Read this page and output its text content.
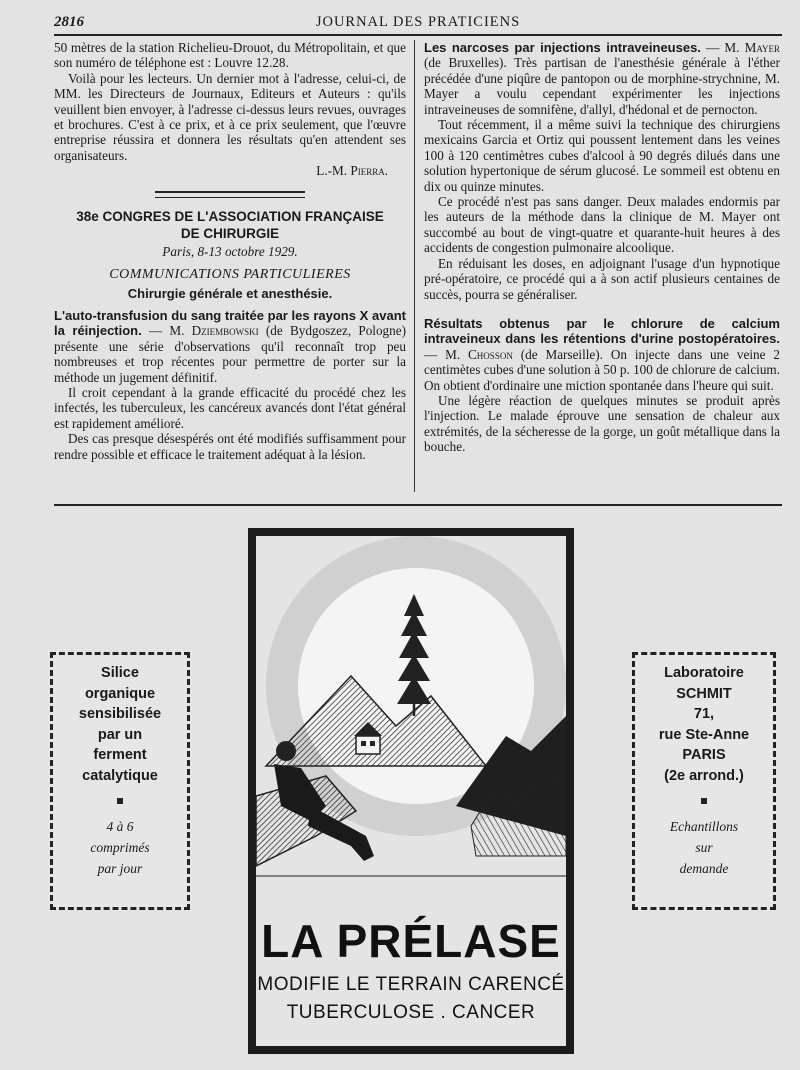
2816	JOURNAL DES PRATICIENS

50 mètres de la station Richelieu-Drouot, du Métropolitain, et que son numéro de téléphone est : Louvre 12.28.

Voilà pour les lecteurs. Un dernier mot à l'adresse, celui-ci, de MM. les Directeurs de Journaux, Editeurs et Auteurs : qu'ils veuillent bien envoyer, à l'adresse ci-dessus leurs revues, ouvrages et brochures. C'est à ce prix, et à ce prix seulement, que l'œuvre entreprise réussira et donnera les résultats qu'en attendent ses organisateurs.

L.-M. Pierra.

38e CONGRES DE L'ASSOCIATION FRANÇAISE
DE CHIRURGIE
Paris, 8-13 octobre 1929.
COMMUNICATIONS PARTICULIERES
Chirurgie générale et anesthésie.

L'auto-transfusion du sang traitée par les rayons X avant la réinjection. — M. Dziembowski (de Bydgoszez, Pologne) présente une série d'observations qu'il reconnaît trop peu nombreuses et trop récentes pour permettre de porter sur la méthode un jugement définitif.

Il croit cependant à la grande efficacité du procédé chez les infectés, les tuberculeux, les cancéreux avancés dont l'état général est rapidement amélioré.

Des cas presque désespérés ont été modifiés suffisamment pour rendre possible et efficace le traitement adéquat à la lésion.

Les narcoses par injections intraveineuses. — M. Mayer (de Bruxelles). Très partisan de l'anesthésie générale à l'éther précédée d'une piqûre de pantopon ou de morphine-strychnine, M. Mayer a voulu cependant expérimenter les injections intraveineuses de somnifène, d'allyl, d'hédonal et de pernocton.

Tout récemment, il a même suivi la technique des chirurgiens mexicains Garcia et Ortiz qui poussent lentement dans les veines 100 à 120 centimètres cubes d'alcool à 90 degrés dilués dans une solution hypertonique de sérum glucosé. Le sommeil est obtenu en dix ou quinze minutes.

Ce procédé n'est pas sans danger. Deux malades endormis par les auteurs de la méthode dans la clinique de M. Mayer ont succombé au bout de vingt-quatre et quarante-huit heures à des accidents de congestion pulmonaire alcoolique.

En réduisant les doses, en adjoignant l'usage d'un hypnotique pré-opératoire, ce procédé qui a à son actif plusieurs centaines de succès, pourra se généraliser.

Résultats obtenus par le chlorure de calcium intraveineux dans les rétentions d'urine postopératoires. — M. Chosson (de Marseille). On injecte dans une veine 2 centimètes cubes d'une solution à 50 p. 100 de chlorure de calcium. On obtient d'ordinaire une miction spontanée dans l'heure qui suit.

Une légère réaction de quelques minutes se produit après l'injection. Le malade éprouve une sensation de chaleur aux extrémités, de la sécheresse de la gorge, un goût métallique dans la bouche.

Silice
organique
sensibilisée
par un
ferment
catalytique
4 à 6
comprimés
par jour
Laboratoire
SCHMIT
71,
rue Ste-Anne
PARIS
(2e arrond.)
Echantillons
sur
demande
LA PRÉLASE
MODIFIE LE TERRAIN CARENCÉ
TUBERCULOSE . CANCER
